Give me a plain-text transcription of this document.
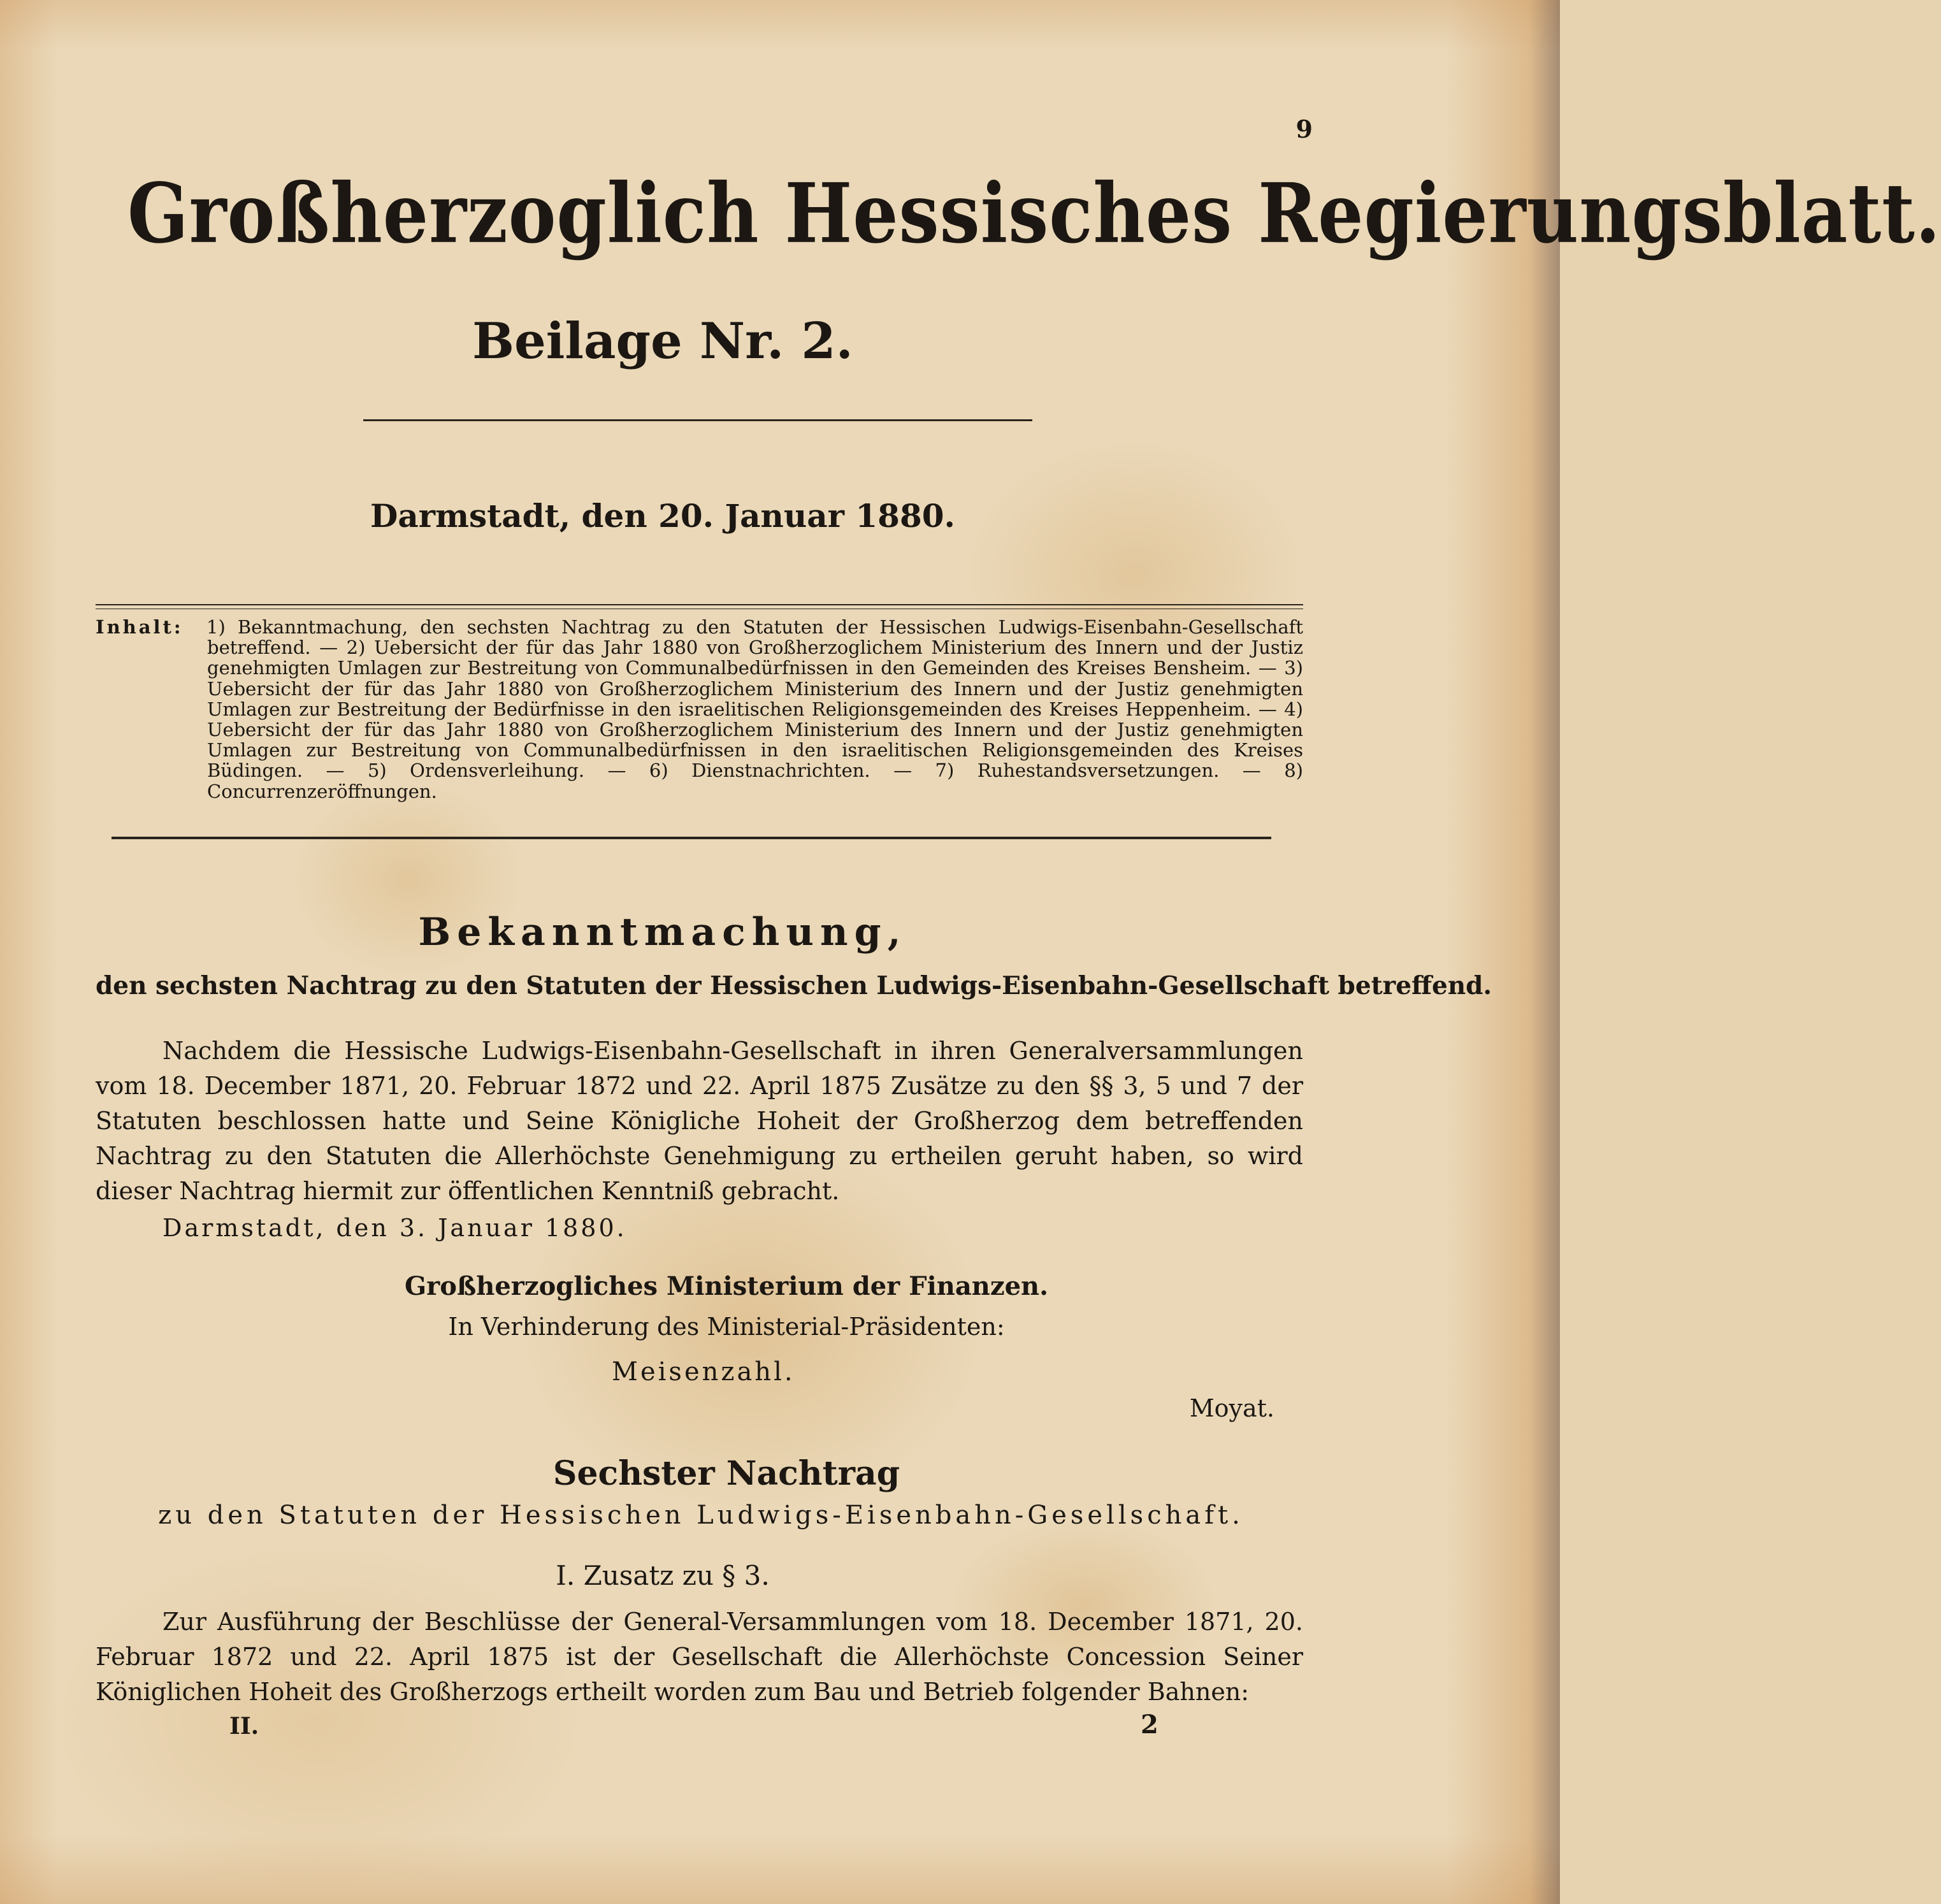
9
Großherzoglich Hessisches Regierungsblatt.
Beilage Nr. 2.
Darmstadt, den 20. Januar 1880.
Inhalt:	1) Bekanntmachung, den sechsten Nachtrag zu den Statuten der Hessischen Ludwigs-Eisenbahn-Gesellschaft betreffend. — 2) Uebersicht der für das Jahr 1880 von Großherzoglichem Ministerium des Innern und der Justiz genehmigten Umlagen zur Bestreitung von Communalbedürfnissen in den Gemeinden des Kreises Bensheim. — 3) Uebersicht der für das Jahr 1880 von Großherzoglichem Ministerium des Innern und der Justiz genehmigten Umlagen zur Bestreitung der Bedürfnisse in den israelitischen Religionsgemeinden des Kreises Heppenheim. — 4) Uebersicht der für das Jahr 1880 von Großherzoglichem Ministerium des Innern und der Justiz genehmigten Umlagen zur Bestreitung von Communalbedürfnissen in den israelitischen Religionsgemeinden des Kreises Büdingen. — 5) Ordensverleihung. — 6) Dienstnachrichten. — 7) Ruhestandsversetzungen. — 8) Concurrenzeröffnungen.
Bekanntmachung,
den sechsten Nachtrag zu den Statuten der Hessischen Ludwigs-Eisenbahn-Gesellschaft betreffend.
Nachdem die Hessische Ludwigs-Eisenbahn-Gesellschaft in ihren Generalversammlungen vom 18. December 1871, 20. Februar 1872 und 22. April 1875 Zusätze zu den §§ 3, 5 und 7 der Statuten beschlossen hatte und Seine Königliche Hoheit der Großherzog dem betreffenden Nachtrag zu den Statuten die Allerhöchste Genehmigung zu ertheilen geruht haben, so wird dieser Nachtrag hiermit zur öffentlichen Kenntniß gebracht.
Darmstadt, den 3. Januar 1880.
Großherzogliches Ministerium der Finanzen.
In Verhinderung des Ministerial-Präsidenten:
Meisenzahl.
Moyat.
Sechster Nachtrag
zu den Statuten der Hessischen Ludwigs-Eisenbahn-Gesellschaft.
I. Zusatz zu § 3.
Zur Ausführung der Beschlüsse der General-Versammlungen vom 18. December 1871, 20. Februar 1872 und 22. April 1875 ist der Gesellschaft die Allerhöchste Concession Seiner Königlichen Hoheit des Großherzogs ertheilt worden zum Bau und Betrieb folgender Bahnen:
II.	2
